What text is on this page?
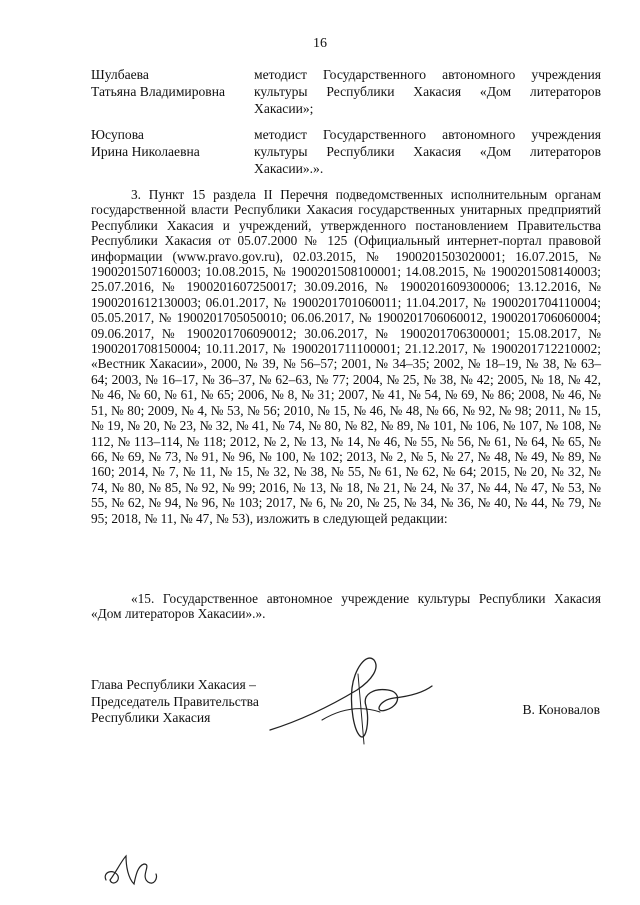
16
Шулбаева
Татьяна Владимировна
методист Государственного автономного учреждения культуры Республики Хакасия «Дом литераторов Хакасии»;
Юсупова
Ирина Николаевна
методист Государственного автономного учреждения культуры Республики Хакасия «Дом литераторов Хакасии».».
3. Пункт 15 раздела II Перечня подведомственных исполнительным органам государственной власти Республики Хакасия государственных унитарных предприятий Республики Хакасия и учреждений, утвержденного постановлением Правительства Республики Хакасия от 05.07.2000 № 125 (Официальный интернет-портал правовой информации (www.pravo.gov.ru), 02.03.2015, № 1900201503020001; 16.07.2015, № 1900201507160003; 10.08.2015, № 1900201508100001; 14.08.2015, № 1900201508140003; 25.07.2016, № 1900201607250017; 30.09.2016, № 1900201609300006; 13.12.2016, № 1900201612130003; 06.01.2017, № 1900201701060011; 11.04.2017, № 1900201704110004; 05.05.2017, № 1900201705050010; 06.06.2017, № 1900201706060012, 1900201706060004; 09.06.2017, № 1900201706090012; 30.06.2017, № 1900201706300001; 15.08.2017, № 1900201708150004; 10.11.2017, № 1900201711100001; 21.12.2017, № 1900201712210002; «Вестник Хакасии», 2000, № 39, № 56–57; 2001, № 34–35; 2002, № 18–19, № 38, № 63–64; 2003, № 16–17, № 36–37, № 62–63, № 77; 2004, № 25, № 38, № 42; 2005, № 18, № 42, № 46, № 60, № 61, № 65; 2006, № 8, № 31; 2007, № 41, № 54, № 69, № 86; 2008, № 46, № 51, № 80; 2009, № 4, № 53, № 56; 2010, № 15, № 46, № 48, № 66, № 92, № 98; 2011, № 15, № 19, № 20, № 23, № 32, № 41, № 74, № 80, № 82, № 89, № 101, № 106, № 107, № 108, № 112, № 113–114, № 118; 2012, № 2, № 13, № 14, № 46, № 55, № 56, № 61, № 64, № 65, № 66, № 69, № 73, № 91, № 96, № 100, № 102; 2013, № 2, № 5, № 27, № 48, № 49, № 89, № 160; 2014, № 7, № 11, № 15, № 32, № 38, № 55, № 61, № 62, № 64; 2015, № 20, № 32, № 74, № 80, № 85, № 92, № 99; 2016, № 13, № 18, № 21, № 24, № 37, № 44, № 47, № 53, № 55, № 62, № 94, № 96, № 103; 2017, № 6, № 20, № 25, № 34, № 36, № 40, № 44, № 79, № 95; 2018, № 11, № 47, № 53), изложить в следующей редакции:
«15. Государственное автономное учреждение культуры Республики Хакасия «Дом литераторов Хакасии».».
Глава Республики Хакасия –
Председатель Правительства
Республики Хакасия
В. Коновалов
